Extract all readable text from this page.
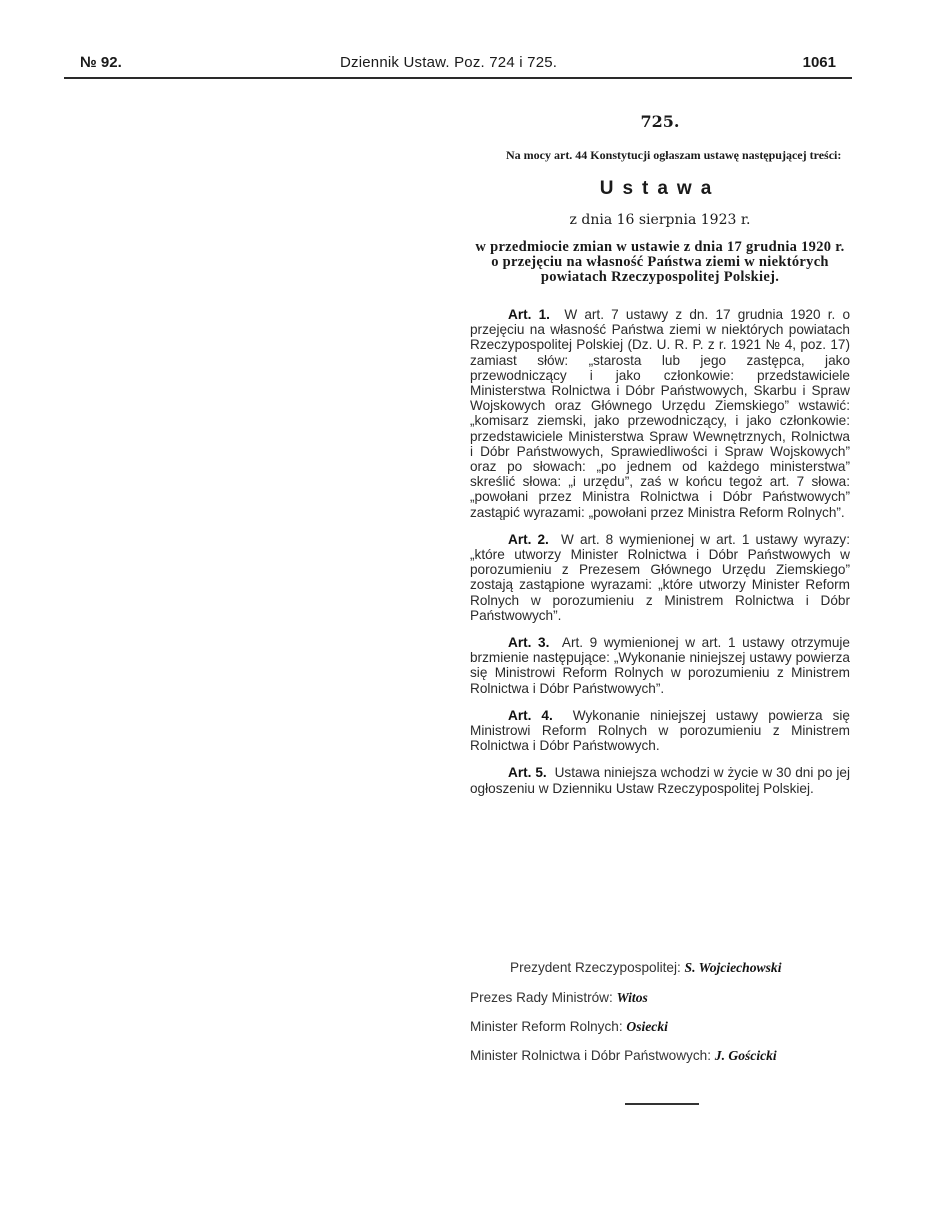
№ 92.	Dziennik Ustaw. Poz. 724 i 725.	1061

725.

Na mocy art. 44 Konstytucji ogłaszam ustawę następującej treści:

Ustawa

z dnia 16 sierpnia 1923 r.

w przedmiocie zmian w ustawie z dnia 17 grudnia 1920 r. o przejęciu na własność Państwa ziemi w niektórych powiatach Rzeczypospolitej Polskiej.

Art. 1. W art. 7 ustawy z dn. 17 grudnia 1920 r. o przejęciu na własność Państwa ziemi w niektórych powiatach Rzeczypospolitej Polskiej (Dz. U. R. P. z r. 1921 № 4, poz. 17) zamiast słów: „starosta lub jego zastępca, jako przewodniczący i jako członkowie: przedstawiciele Ministerstwa Rolnictwa i Dóbr Państwowych, Skarbu i Spraw Wojskowych oraz Głównego Urzędu Ziemskiego” wstawić: „komisarz ziemski, jako przewodniczący, i jako członkowie: przedstawiciele Ministerstwa Spraw Wewnętrznych, Rolnictwa i Dóbr Państwowych, Sprawiedliwości i Spraw Wojskowych” oraz po słowach: „po jednem od każdego ministerstwa” skreślić słowa: „i urzędu”, zaś w końcu tegoż art. 7 słowa: „powołani przez Ministra Rolnictwa i Dóbr Państwowych” zastąpić wyrazami: „powołani przez Ministra Reform Rolnych”.

Art. 2. W art. 8 wymienionej w art. 1 ustawy wyrazy: „które utworzy Minister Rolnictwa i Dóbr Państwowych w porozumieniu z Prezesem Głównego Urzędu Ziemskiego” zostają zastąpione wyrazami: „które utworzy Minister Reform Rolnych w porozumieniu z Ministrem Rolnictwa i Dóbr Państwowych”.

Art. 3. Art. 9 wymienionej w art. 1 ustawy otrzymuje brzmienie następujące: „Wykonanie niniejszej ustawy powierza się Ministrowi Reform Rolnych w porozumieniu z Ministrem Rolnictwa i Dóbr Państwowych”.

Art. 4. Wykonanie niniejszej ustawy powierza się Ministrowi Reform Rolnych w porozumieniu z Ministrem Rolnictwa i Dóbr Państwowych.

Art. 5. Ustawa niniejsza wchodzi w życie w 30 dni po jej ogłoszeniu w Dzienniku Ustaw Rzeczypospolitej Polskiej.

Prezydent Rzeczypospolitej: S. Wojciechowski

Prezes Rady Ministrów: Witos

Minister Reform Rolnych: Osiecki

Minister Rolnictwa i Dóbr Państwowych: J. Gościcki
